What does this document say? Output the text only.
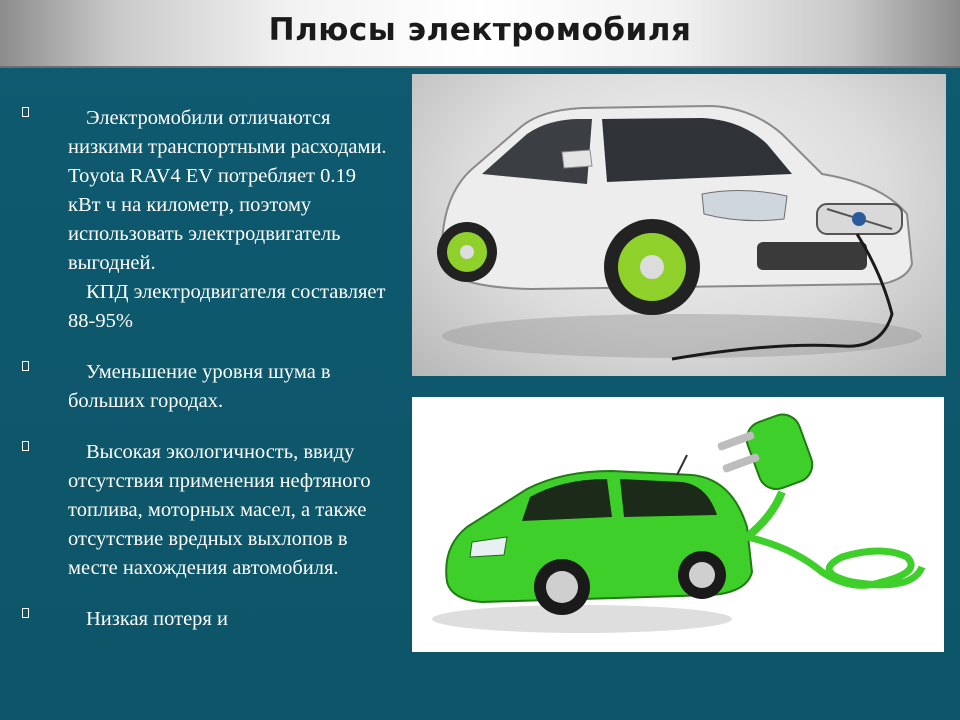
Плюсы электромобиля
Электромобили отличаются низкими транспортными расходами. Toyota RAV4 EV потребляет 0.19 кВт ч на километр, поэтому использовать электродвигатель выгодней.
КПД электродвигателя составляет 88-95%
Уменьшение уровня шума в больших городах.
Высокая экологичность, ввиду отсутствия применения нефтяного топлива, моторных масел, а также отсутствие вредных выхлопов в месте нахождения автомобиля.
Низкая потеря и
